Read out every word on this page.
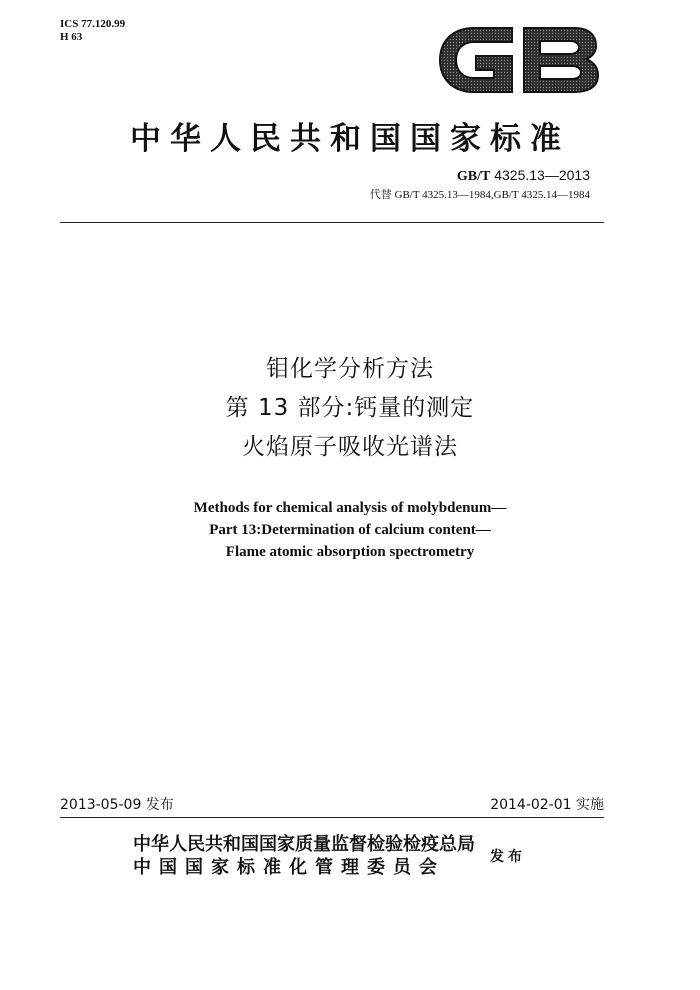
ICS 77.120.99
H 63
GB
中华人民共和国国家标准
GB/T 4325.13—2013
代替 GB/T 4325.13—1984,GB/T 4325.14—1984
钼化学分析方法
第 13 部分:钙量的测定
火焰原子吸收光谱法
Methods for chemical analysis of molybdenum—
Part 13:Determination of calcium content—
Flame atomic absorption spectrometry
2013-05-09 发布	2014-02-01 实施
中华人民共和国国家质量监督检验检疫总局
中国国家标准化管理委员会	发布
